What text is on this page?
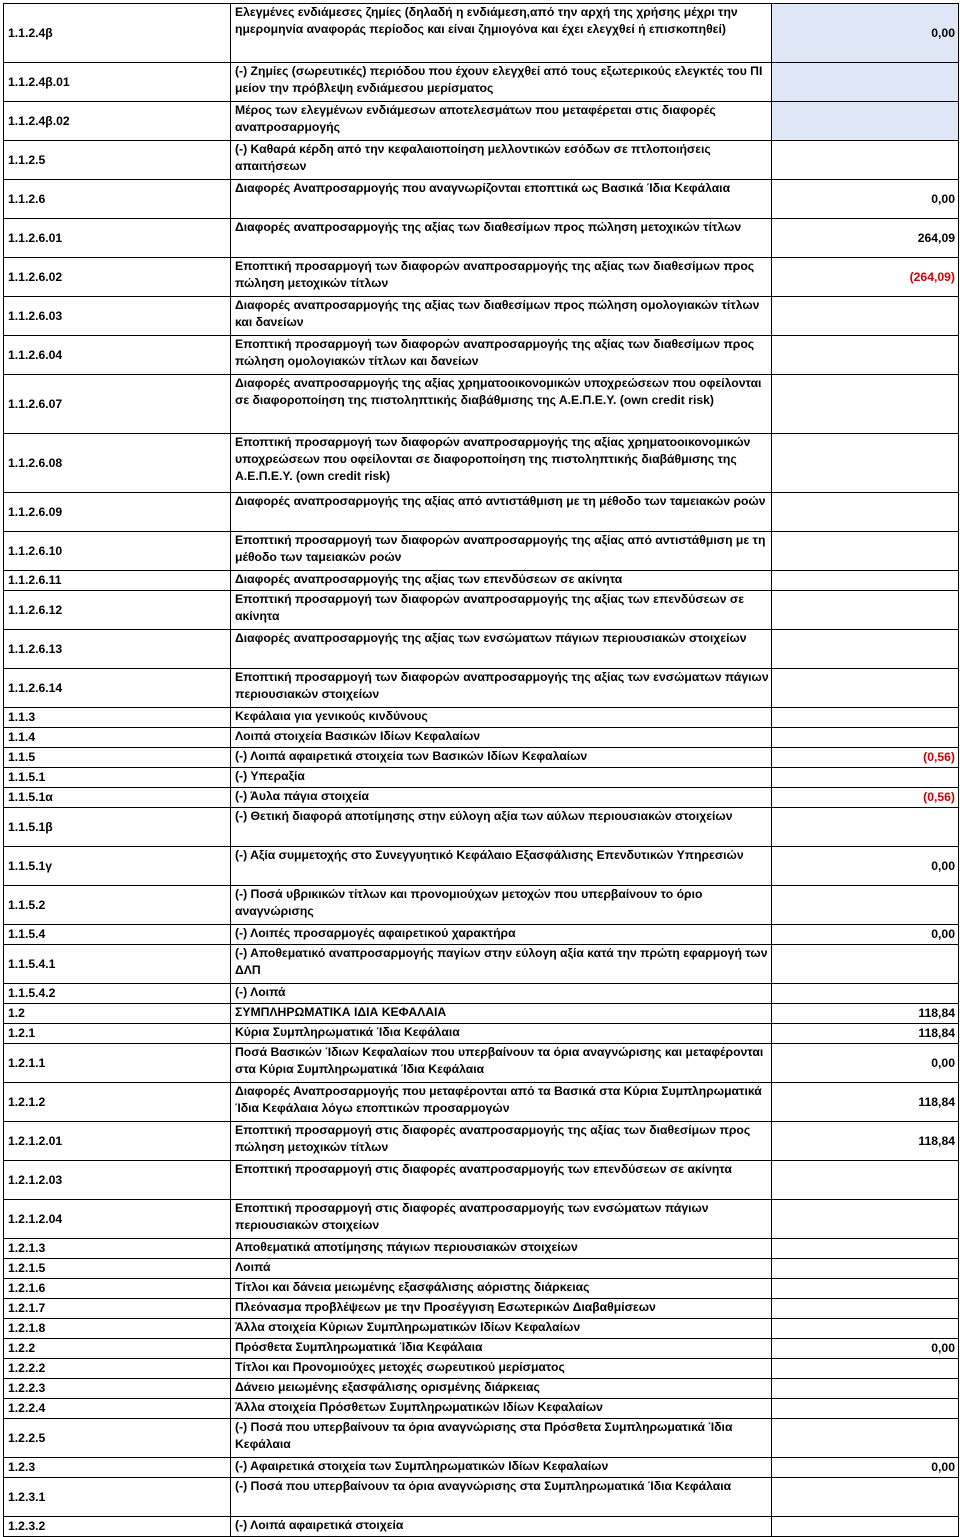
1.1.2.4β	Ελεγμένες ενδιάμεσες ζημίες (δηλαδή η ενδιάμεση,από την αρχή της χρήσης μέχρι την ημερομηνία αναφοράς περίοδος και είναι ζημιογόνα και έχει ελεγχθεί ή επισκοπηθεί)	0,00
1.1.2.4β.01	(-) Ζημίες (σωρευτικές) περιόδου που έχουν ελεγχθεί από τους εξωτερικούς ελεγκτές του ΠΙ μείον την πρόβλεψη ενδιάμεσου μερίσματος	

1.1.2.4β.02	Μέρος των ελεγμένων ενδιάμεσων αποτελεσμάτων που μεταφέρεται στις διαφορές αναπροσαρμογής	

1.1.2.5	(-) Καθαρά κέρδη από την κεφαλαιοποίηση μελλοντικών εσόδων σε πτλοποιήσεις απαιτήσεων	

1.1.2.6	Διαφορές Αναπροσαρμογής που αναγνωρίζονται εποπτικά ως Βασικά Ίδια Κεφάλαια	0,00
1.1.2.6.01	Διαφορές αναπροσαρμογής της αξίας των διαθεσίμων προς πώληση μετοχικών τίτλων	264,09
1.1.2.6.02	Εποπτική προσαρμογή των διαφορών αναπροσαρμογής της αξίας των διαθεσίμων προς πώληση μετοχικών τίτλων	(264,09)
1.1.2.6.03	Διαφορές αναπροσαρμογής της αξίας των διαθεσίμων προς πώληση ομολογιακών τίτλων και δανείων	

1.1.2.6.04	Εποπτική προσαρμογή των διαφορών αναπροσαρμογής της αξίας των διαθεσίμων προς πώληση ομολογιακών τίτλων και δανείων	

1.1.2.6.07	Διαφορές αναπροσαρμογής της αξίας χρηματοοικονομικών υποχρεώσεων που οφείλονται σε διαφοροποίηση της πιστοληπτικής διαβάθμισης της Α.Ε.Π.Ε.Υ. (own credit risk)	

1.1.2.6.08	Εποπτική προσαρμογή των διαφορών αναπροσαρμογής της αξίας χρηματοοικονομικών υποχρεώσεων που οφείλονται σε διαφοροποίηση της πιστοληπτικής διαβάθμισης της Α.Ε.Π.Ε.Υ. (own credit risk)	

1.1.2.6.09	Διαφορές αναπροσαρμογής της αξίας από αντιστάθμιση με τη μέθοδο των ταμειακών ροών	

1.1.2.6.10	Εποπτική προσαρμογή των διαφορών αναπροσαρμογής της αξίας από αντιστάθμιση με τη μέθοδο των ταμειακών ροών	

1.1.2.6.11	Διαφορές αναπροσαρμογής της αξίας των επενδύσεων σε ακίνητα	

1.1.2.6.12	Εποπτική προσαρμογή των διαφορών αναπροσαρμογής της αξίας των επενδύσεων σε ακίνητα	

1.1.2.6.13	Διαφορές αναπροσαρμογής της αξίας των ενσώματων πάγιων περιουσιακών στοιχείων	

1.1.2.6.14	Εποπτική προσαρμογή των διαφορών αναπροσαρμογής της αξίας των ενσώματων πάγιων περιουσιακών στοιχείων	

1.1.3	Κεφάλαια για γενικούς κινδύνους	

1.1.4	Λοιπά στοιχεία Βασικών Ιδίων Κεφαλαίων	

1.1.5	(-) Λοιπά αφαιρετικά στοιχεία των Βασικών Ιδίων Κεφαλαίων	(0,56)
1.1.5.1	(-) Υπεραξία	

1.1.5.1α	(-) Άυλα πάγια στοιχεία	(0,56)
1.1.5.1β	(-) Θετική διαφορά αποτίμησης στην εύλογη αξία των αύλων περιουσιακών στοιχείων	

1.1.5.1γ	(-) Αξία συμμετοχής στο Συνεγγυητικό Κεφάλαιο Εξασφάλισης Επενδυτικών Υπηρεσιών	0,00
1.1.5.2	(-) Ποσά υβρικικών τίτλων και προνομιούχων μετοχών που υπερβαίνουν το όριο αναγνώρισης	

1.1.5.4	(-) Λοιπές προσαρμογές αφαιρετικού χαρακτήρα	0,00
1.1.5.4.1	(-) Αποθεματικό αναπροσαρμογής παγίων στην εύλογη αξία κατά την πρώτη εφαρμογή των ΔΛΠ	

1.1.5.4.2	(-) Λοιπά	

1.2	ΣΥΜΠΛΗΡΩΜΑΤΙΚΑ ΙΔΙΑ ΚΕΦΑΛΑΙΑ	118,84
1.2.1	Κύρια Συμπληρωματικά Ίδια Κεφάλαια	118,84
1.2.1.1	Ποσά Βασικών Ίδιων Κεφαλαίων που υπερβαίνουν τα όρια αναγνώρισης και μεταφέρονται στα Κύρια Συμπληρωματικά Ίδια Κεφάλαια	0,00
1.2.1.2	Διαφορές Αναπροσαρμογής που μεταφέρονται από τα Βασικά στα Κύρια Συμπληρωματικά Ίδια Κεφάλαια λόγω εποπτικών προσαρμογών	118,84
1.2.1.2.01	Εποπτική προσαρμογή στις διαφορές αναπροσαρμογής της αξίας των διαθεσίμων προς πώληση μετοχικών τίτλων	118,84
1.2.1.2.03	Εποπτική προσαρμογή στις διαφορές αναπροσαρμογής των επενδύσεων σε ακίνητα	

1.2.1.2.04	Εποπτική προσαρμογή στις διαφορές αναπροσαρμογής των ενσώματων πάγιων περιουσιακών στοιχείων	

1.2.1.3	Αποθεματικά αποτίμησης πάγιων περιουσιακών στοιχείων	

1.2.1.5	Λοιπά	

1.2.1.6	Τίτλοι και δάνεια μειωμένης εξασφάλισης αόριστης διάρκειας	

1.2.1.7	Πλεόνασμα προβλέψεων με την Προσέγγιση Εσωτερικών Διαβαθμίσεων	

1.2.1.8	Άλλα στοιχεία Κύριων Συμπληρωματικών Ιδίων Κεφαλαίων	

1.2.2	Πρόσθετα Συμπληρωματικά Ίδια Κεφάλαια	0,00
1.2.2.2	Τίτλοι και Προνομιούχες μετοχές σωρευτικού μερίσματος	

1.2.2.3	Δάνειο μειωμένης εξασφάλισης ορισμένης διάρκειας	

1.2.2.4	Άλλα στοιχεία Πρόσθετων Συμπληρωματικών Ιδίων Κεφαλαίων	

1.2.2.5	(-) Ποσά που υπερβαίνουν τα όρια αναγνώρισης στα Πρόσθετα Συμπληρωματικά Ίδια Κεφάλαια	

1.2.3	(-) Αφαιρετικά στοιχεία των Συμπληρωματικών Ιδίων Κεφαλαίων	0,00
1.2.3.1	(-) Ποσά που υπερβαίνουν τα όρια αναγνώρισης στα Συμπληρωματικά Ίδια Κεφάλαια	

1.2.3.2	(-) Λοιπά αφαιρετικά στοιχεία	
